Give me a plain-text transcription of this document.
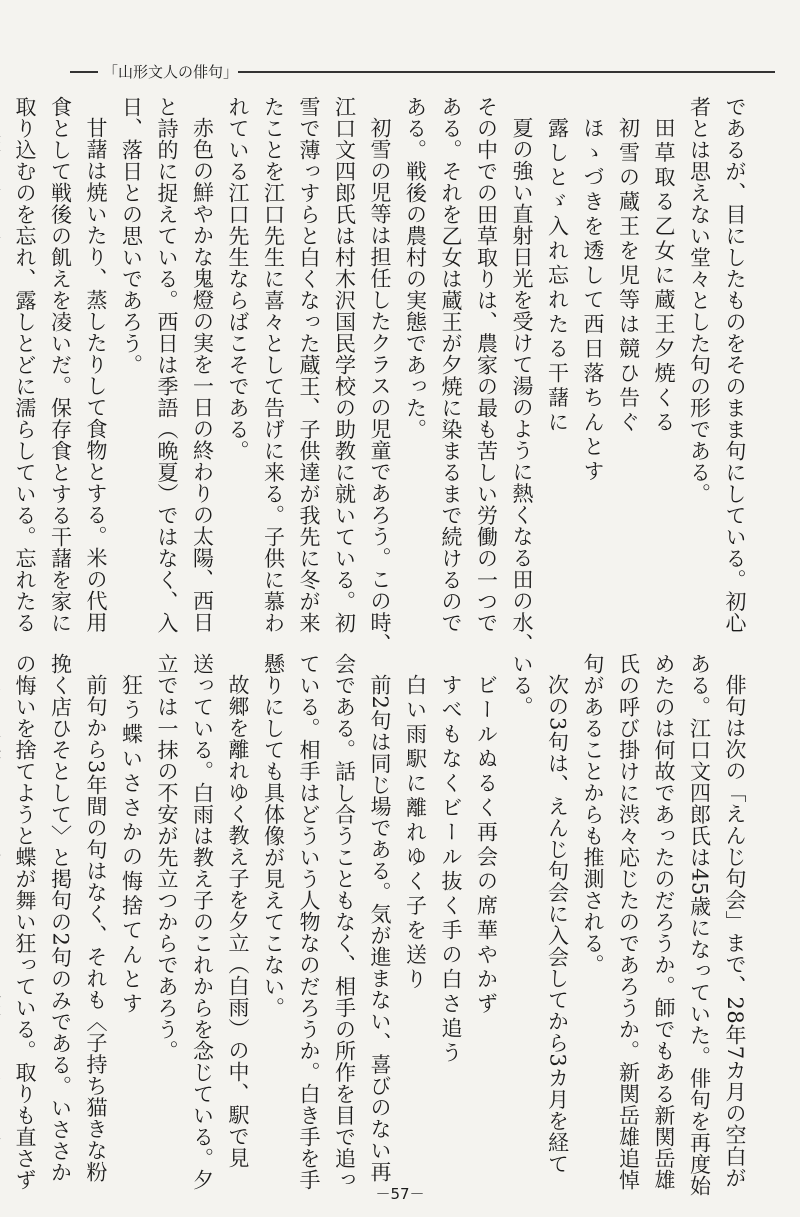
「山形文人の俳句」
であるが、目にしたものをそのまま句にしている。初心
者とは思えない堂々とした句の形である。
田草取る乙女に蔵王夕焼くる
初雪の蔵王を児等は競ひ告ぐ
ほゝづきを透して西日落ちんとす
露しとゞ入れ忘れたる干藷に
夏の強い直射日光を受けて湯のように熱くなる田の水、
その中での田草取りは、農家の最も苦しい労働の一つで
ある。それを乙女は蔵王が夕焼に染まるまで続けるので
ある。戦後の農村の実態であった。
初雪の児等は担任したクラスの児童であろう。この時、
江口文四郎氏は村木沢国民学校の助教に就いている。初
雪で薄っすらと白くなった蔵王、子供達が我先に冬が来
たことを江口先生に喜々として告げに来る。子供に慕わ
れている江口先生ならばこそである。
赤色の鮮やかな鬼燈の実を一日の終わりの太陽、西日
と詩的に捉えている。西日は季語（晩夏）ではなく、入
日、落日との思いであろう。
甘藷は焼いたり、蒸したりして食物とする。米の代用
食として戦後の飢えを凌いだ。保存食とする干藷を家に
取り込むのを忘れ、露しとどに濡らしている。忘れたる
俳句は次の「えんじ句会」まで、28年7カ月の空白が
ある。江口文四郎氏は45歳になっていた。俳句を再度始
めたのは何故であったのだろうか。師でもある新関岳雄
氏の呼び掛けに渋々応じたのであろうか。新関岳雄追悼
句があることからも推測される。
次の3句は、えんじ句会に入会してから3カ月を経て
いる。
ビールぬるく再会の席華やかず
すべもなくビール抜く手の白さ追う
白い雨駅に離れゆく子を送り
前2句は同じ場である。気が進まない、喜びのない再
会である。話し合うこともなく、相手の所作を目で追っ
ている。相手はどういう人物なのだろうか。白き手を手
懸りにしても具体像が見えてこない。
故郷を離れゆく教え子を夕立（白雨）の中、駅で見
送っている。白雨は教え子のこれからを念じている。夕
立では一抹の不安が先立つからであろう。
狂う蝶いささかの悔捨てんとす
前句から3年間の句はなく、それも〈子持ち猫きな粉
挽く店ひそとして〉と掲句の2句のみである。いささか
の悔いを捨てようと蝶が舞い狂っている。取りも直さず
－57－
